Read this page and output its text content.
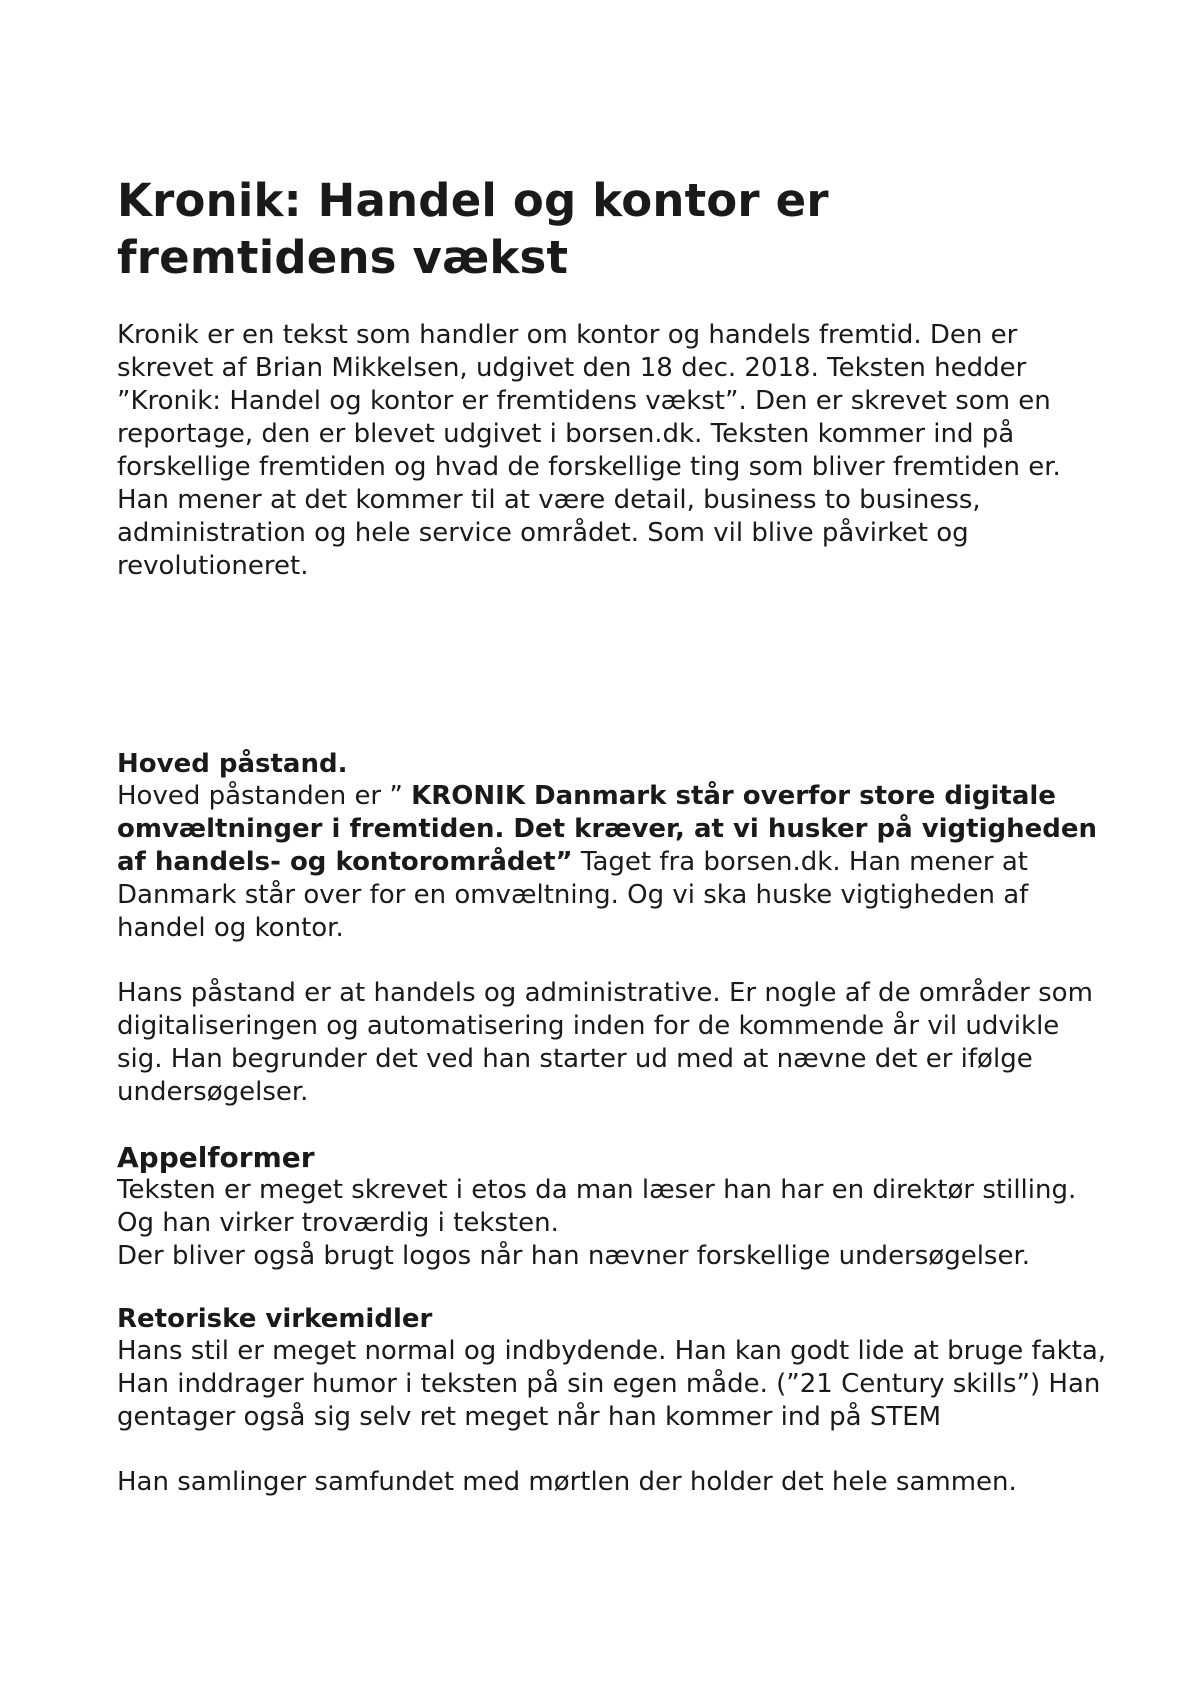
Kronik: Handel og kontor er fremtidens vækst

Kronik er en tekst som handler om kontor og handels fremtid. Den er skrevet af Brian Mikkelsen, udgivet den 18 dec. 2018. Teksten hedder ”Kronik: Handel og kontor er fremtidens vækst”. Den er skrevet som en reportage, den er blevet udgivet i borsen.dk. Teksten kommer ind på forskellige fremtiden og hvad de forskellige ting som bliver fremtiden er. Han mener at det kommer til at være detail, business to business, administration og hele service området. Som vil blive påvirket og revolutioneret.

Hoved påstand.

Hoved påstanden er ” KRONIK Danmark står overfor store digitale omvæltninger i fremtiden. Det kræver, at vi husker på vigtigheden af handels- og kontorområdet” Taget fra borsen.dk. Han mener at Danmark står over for en omvæltning. Og vi ska huske vigtigheden af handel og kontor.

Hans påstand er at handels og administrative. Er nogle af de områder som digitaliseringen og automatisering inden for de kommende år vil udvikle sig. Han begrunder det ved han starter ud med at nævne det er ifølge undersøgelser.

Appelformer

Teksten er meget skrevet i etos da man læser han har en direktør stilling. Og han virker troværdig i teksten.

Der bliver også brugt logos når han nævner forskellige undersøgelser.

Retoriske virkemidler

Hans stil er meget normal og indbydende. Han kan godt lide at bruge fakta, Han inddrager humor i teksten på sin egen måde. (”21 Century skills”) Han gentager også sig selv ret meget når han kommer ind på STEM

Han samlinger samfundet med mørtlen der holder det hele sammen.
